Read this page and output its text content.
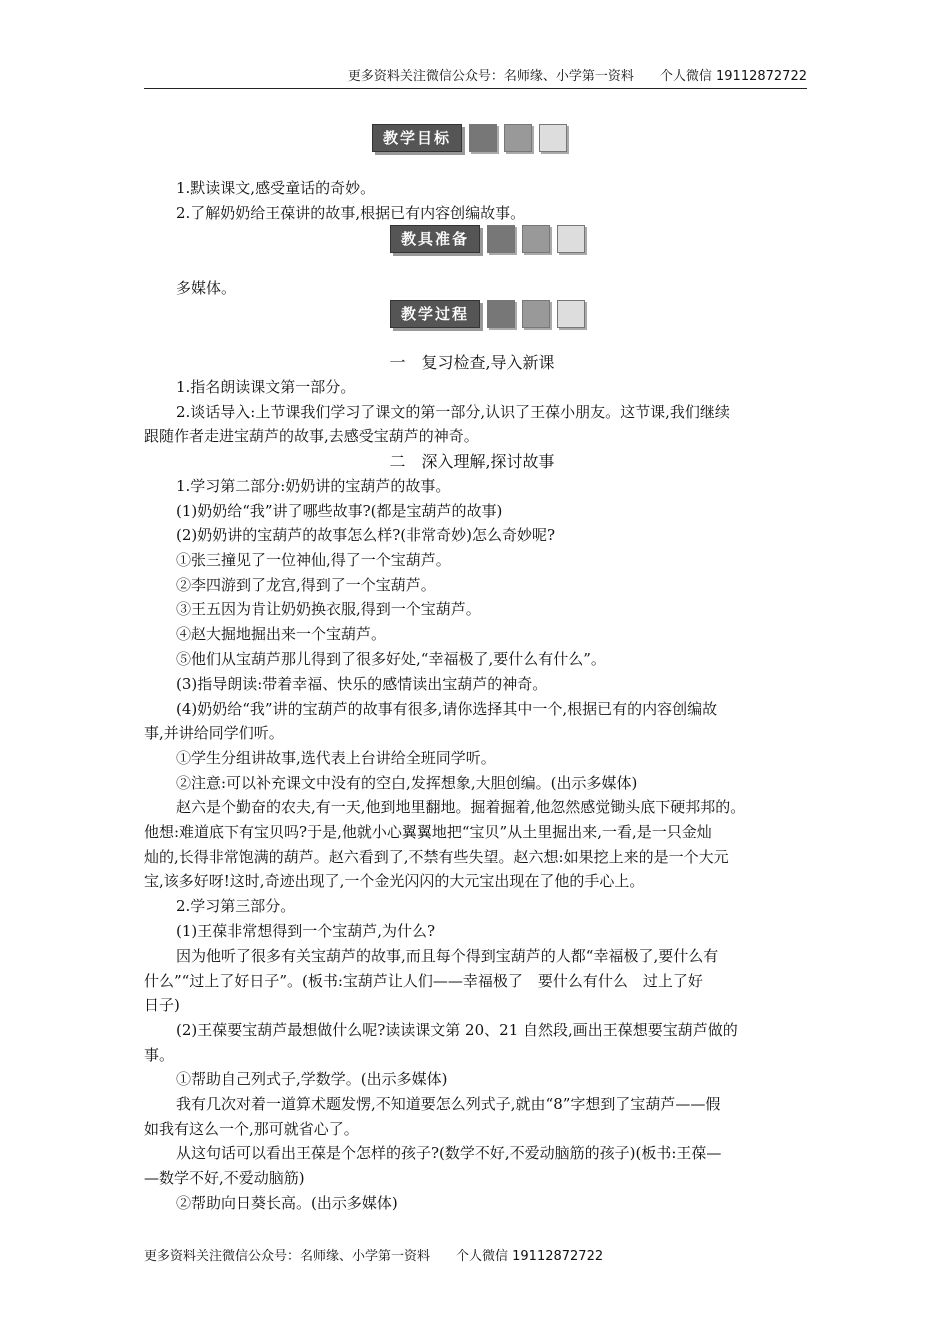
更多资料关注微信公众号：名师缘、小学第一资料　　个人微信 19112872722
教学目标
1.默读课文,感受童话的奇妙。
2.了解奶奶给王葆讲的故事,根据已有内容创编故事。
教具准备
多媒体。
教学过程
一　复习检查,导入新课
1.指名朗读课文第一部分。
2.谈话导入:上节课我们学习了课文的第一部分,认识了王葆小朋友。这节课,我们继续
跟随作者走进宝葫芦的故事,去感受宝葫芦的神奇。
二　深入理解,探讨故事
1.学习第二部分:奶奶讲的宝葫芦的故事。
(1)奶奶给“我”讲了哪些故事?(都是宝葫芦的故事)
(2)奶奶讲的宝葫芦的故事怎么样?(非常奇妙)怎么奇妙呢?
①张三撞见了一位神仙,得了一个宝葫芦。
②李四游到了龙宫,得到了一个宝葫芦。
③王五因为肯让奶奶换衣服,得到一个宝葫芦。
④赵大掘地掘出来一个宝葫芦。
⑤他们从宝葫芦那儿得到了很多好处,“幸福极了,要什么有什么”。
(3)指导朗读:带着幸福、快乐的感情读出宝葫芦的神奇。
(4)奶奶给“我”讲的宝葫芦的故事有很多,请你选择其中一个,根据已有的内容创编故
事,并讲给同学们听。
①学生分组讲故事,选代表上台讲给全班同学听。
②注意:可以补充课文中没有的空白,发挥想象,大胆创编。(出示多媒体)
赵六是个勤奋的农夫,有一天,他到地里翻地。掘着掘着,他忽然感觉锄头底下硬邦邦的。
他想:难道底下有宝贝吗?于是,他就小心翼翼地把“宝贝”从土里掘出来,一看,是一只金灿
灿的,长得非常饱满的葫芦。赵六看到了,不禁有些失望。赵六想:如果挖上来的是一个大元
宝,该多好呀!这时,奇迹出现了,一个金光闪闪的大元宝出现在了他的手心上。
2.学习第三部分。
(1)王葆非常想得到一个宝葫芦,为什么?
因为他听了很多有关宝葫芦的故事,而且每个得到宝葫芦的人都“幸福极了,要什么有
什么”“过上了好日子”。(板书:宝葫芦让人们——幸福极了　要什么有什么　过上了好
日子)
(2)王葆要宝葫芦最想做什么呢?读读课文第 20、21 自然段,画出王葆想要宝葫芦做的
事。
①帮助自己列式子,学数学。(出示多媒体)
我有几次对着一道算术题发愣,不知道要怎么列式子,就由“8”字想到了宝葫芦——假
如我有这么一个,那可就省心了。
从这句话可以看出王葆是个怎样的孩子?(数学不好,不爱动脑筋的孩子)(板书:王葆—
—数学不好,不爱动脑筋)
②帮助向日葵长高。(出示多媒体)
更多资料关注微信公众号：名师缘、小学第一资料　　个人微信 19112872722
